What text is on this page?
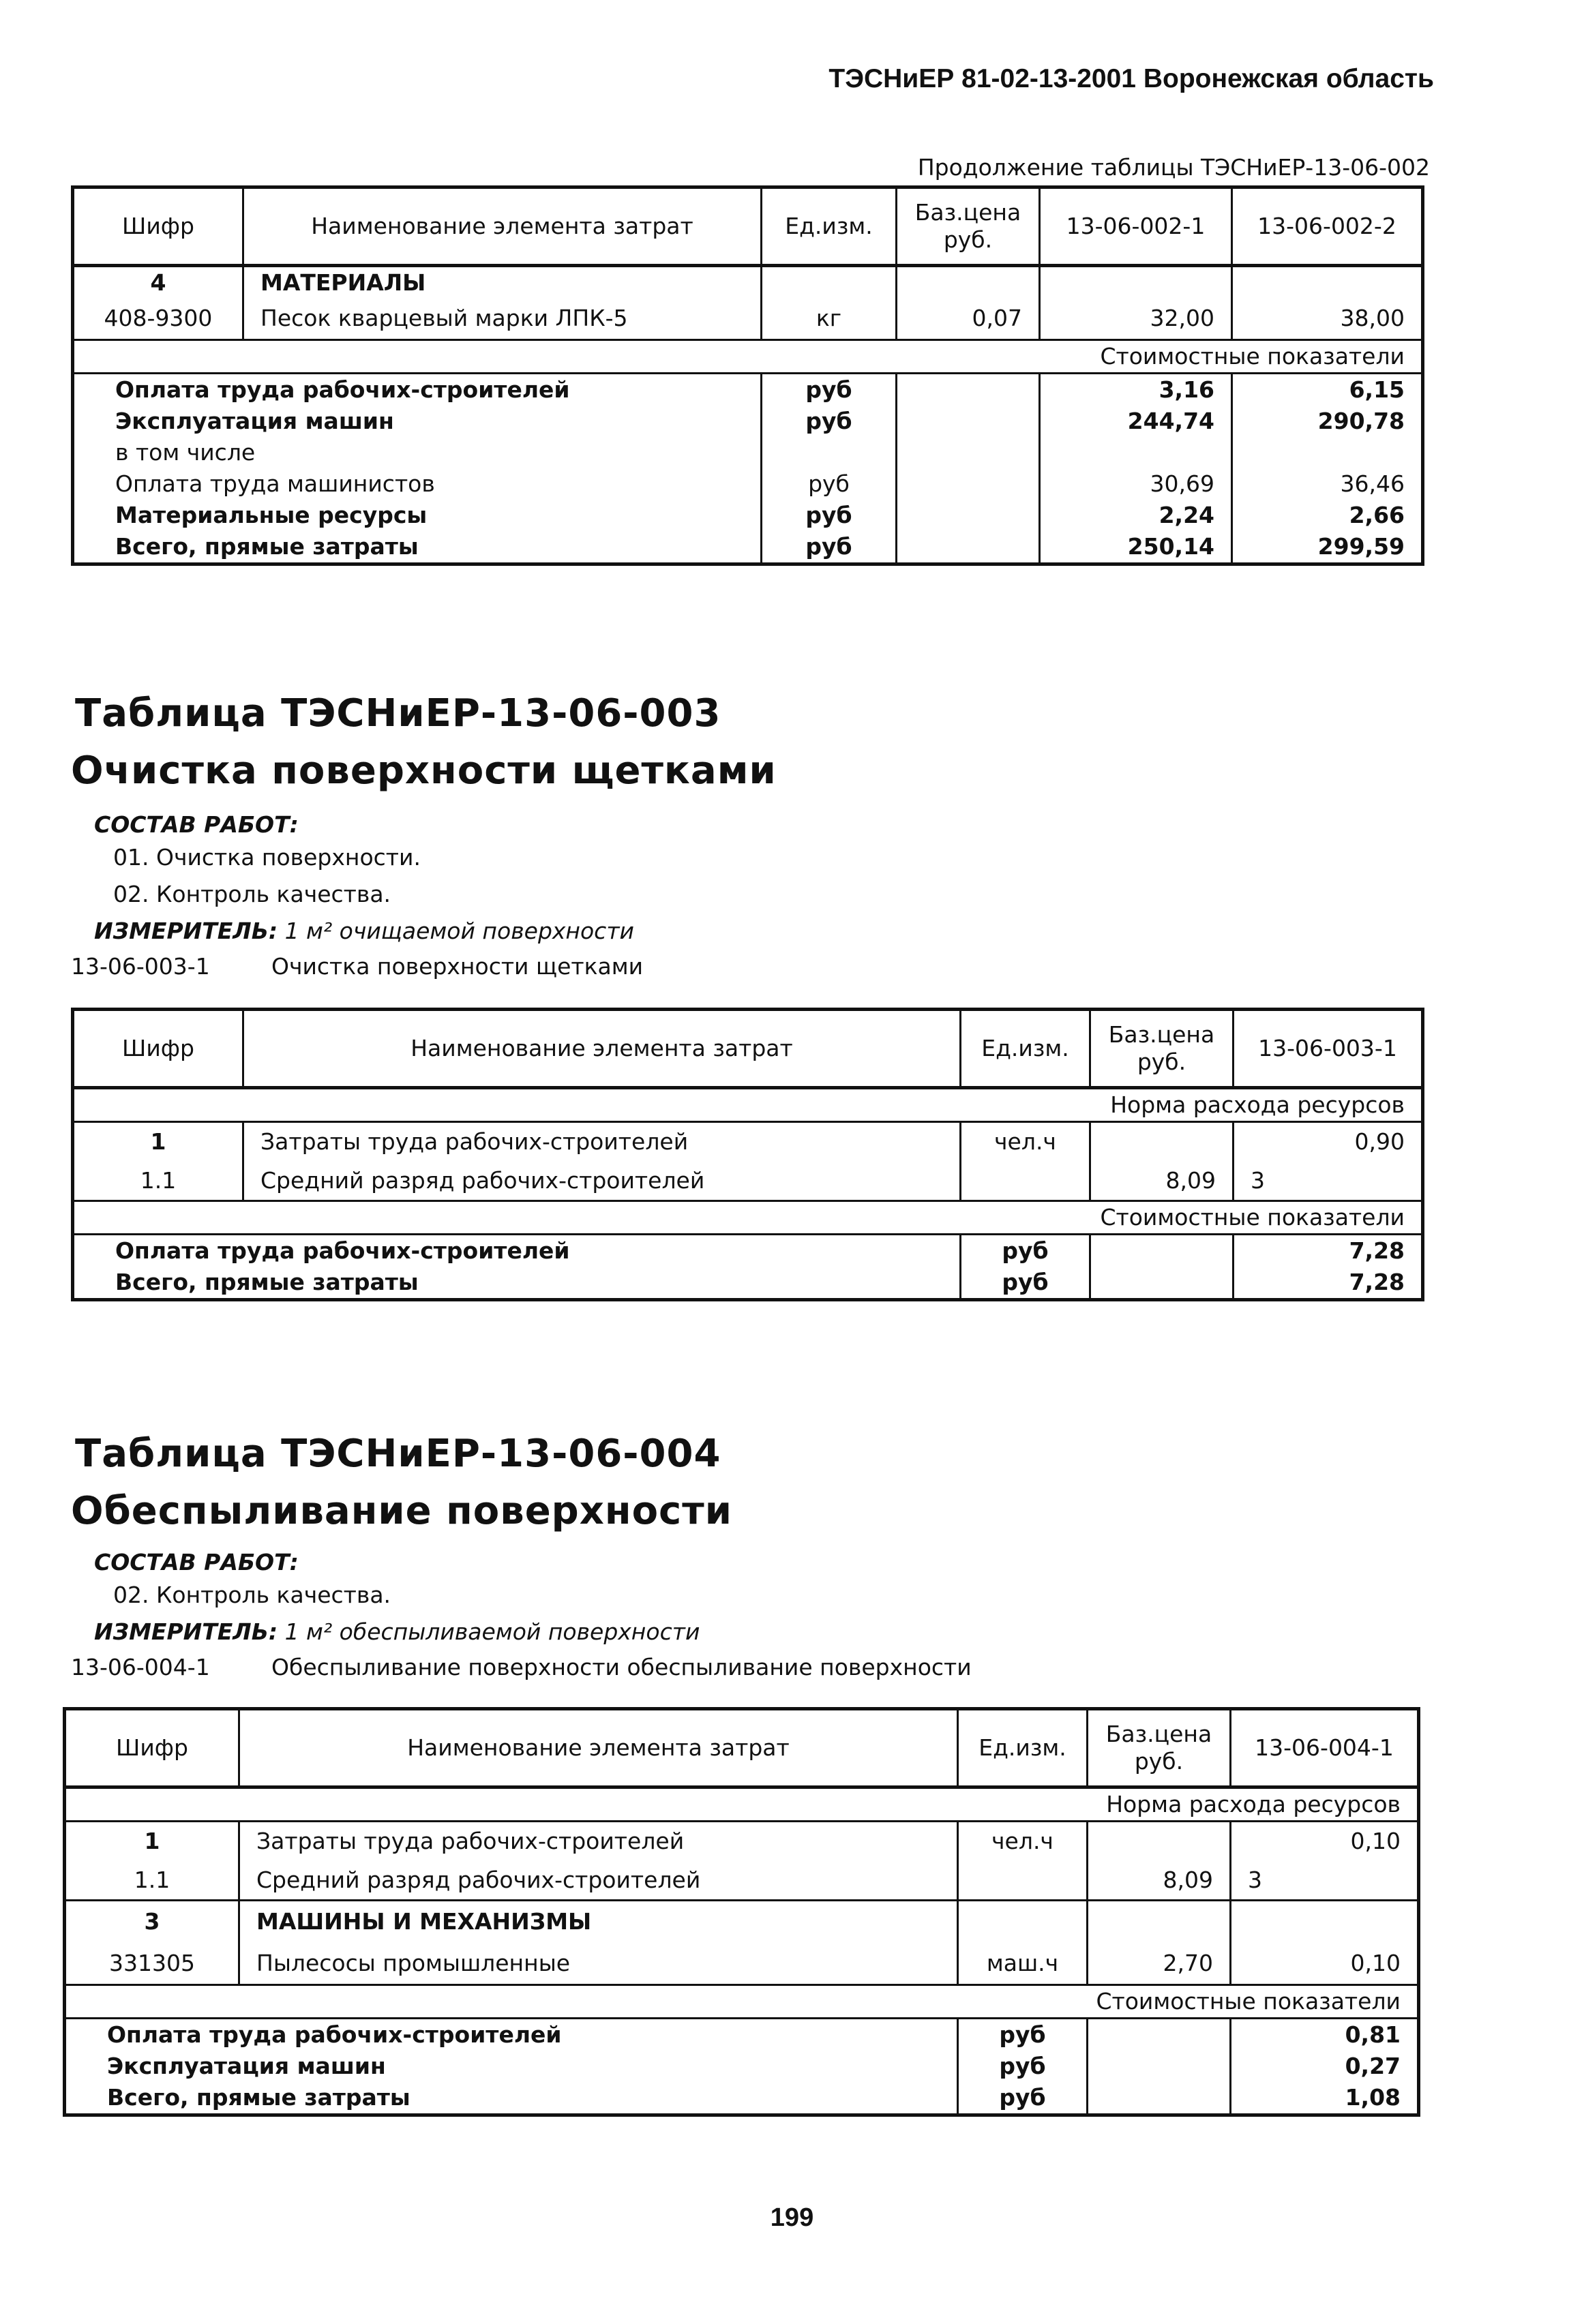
ТЭСНиЕР 81-02-13-2001 Воронежская область
Продолжение таблицы ТЭСНиЕР-13-06-002
Шифр	Наименование элемента затрат	Ед.изм.	Баз.цена руб.	13-06-002-1	13-06-002-2
4	МАТЕРИАЛЫ				
408-9300	Песок кварцевый марки ЛПК-5	кг	0,07	32,00	38,00
Стоимостные показатели					
Оплата труда рабочих-строителей		руб		3,16	6,15
Эксплуатация машин		руб		244,74	290,78
в том числе					
Оплата труда машинистов		руб		30,69	36,46
Материальные ресурсы		руб		2,24	2,66
Всего, прямые затраты		руб		250,14	299,59
Таблица ТЭСНиЕР-13-06-003
Очистка поверхности щетками
СОСТАВ РАБОТ:
01. Очистка поверхности.
02. Контроль качества.
ИЗМЕРИТЕЛЬ: 1 м² очищаемой поверхности
13-06-003-1	Очистка поверхности щетками
Шифр	Наименование элемента затрат	Ед.изм.	Баз.цена руб.	13-06-003-1
Норма расхода ресурсов				
1	Затраты труда рабочих-строителей	чел.ч		0,90
1.1	Средний разряд рабочих-строителей		8,09	3
Стоимостные показатели				
Оплата труда рабочих-строителей		руб		7,28
Всего, прямые затраты		руб		7,28
Таблица ТЭСНиЕР-13-06-004
Обеспыливание поверхности
СОСТАВ РАБОТ:
02. Контроль качества.
ИЗМЕРИТЕЛЬ: 1 м² обеспыливаемой поверхности
13-06-004-1	Обеспыливание поверхности обеспыливание поверхности
Шифр	Наименование элемента затрат	Ед.изм.	Баз.цена руб.	13-06-004-1
Норма расхода ресурсов				
1	Затраты труда рабочих-строителей	чел.ч		0,10
1.1	Средний разряд рабочих-строителей		8,09	3
3	МАШИНЫ И МЕХАНИЗМЫ			
331305	Пылесосы промышленные	маш.ч	2,70	0,10
Стоимостные показатели				
Оплата труда рабочих-строителей		руб		0,81
Эксплуатация машин		руб		0,27
Всего, прямые затраты		руб		1,08
199
